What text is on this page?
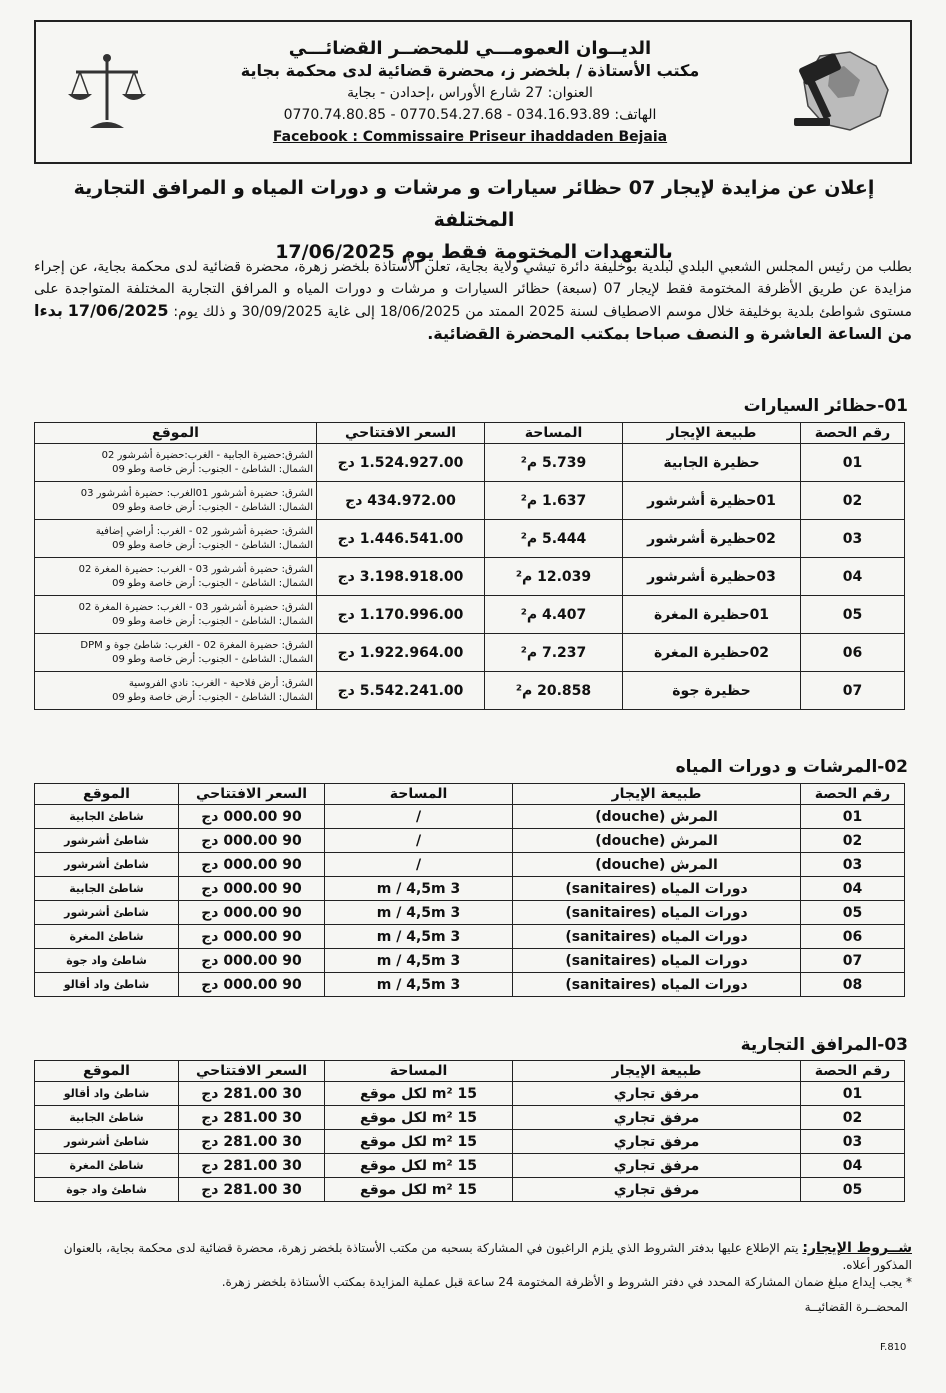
الديــوان العمومـــي للمحضــر القضائـــي
مكتب الأستاذة / بلخضر ز، محضرة قضائية لدى محكمة بجاية
العنوان: 27 شارع الأوراس ،إحدادن - بجاية
الهاتف: 034.16.93.89 - 0770.54.27.68 - 0770.74.80.85
Facebook : Commissaire Priseur ihaddaden Bejaia
إعلان عن مزايدة لإيجار 07 حظائر سيارات و مرشات و دورات المياه و المرافق التجارية المختلفة
بالتعهدات المختومة فقط يوم 17/06/2025
بطلب من رئيس المجلس الشعبي البلدي لبلدية بوخليفة دائرة تيشي ولاية بجاية، تعلن الأستاذة بلخضر زهرة، محضرة قضائية لدى محكمة بجاية، عن إجراء مزايدة عن طريق الأظرفة المختومة فقط لإيجار 07 (سبعة) حظائر السيارات و مرشات و دورات المياه و المرافق التجارية المختلفة المتواجدة على مستوى شواطئ بلدية بوخليفة خلال موسم الاصطياف لسنة 2025 الممتد من 18/06/2025 إلى غاية 30/09/2025 و ذلك يوم: 17/06/2025 بدءا من الساعة العاشرة و النصف صباحا بمكتب المحضرة القضائية.
01-حظائر السيارات
رقم الحصة	طبيعة الإيجار	المساحة	السعر الافتتاحي	الموقع
01	حظيرة الجابية	5.739 م²	1.524.927.00 دج	الشرق:حضيرة الجابية - الغرب:حضيرة أشرشور 02
الشمال: الشاطئ - الجنوب: أرض خاصة وطو 09

02	01حظيرة أشرشور	1.637 م²	434.972.00 دج	الشرق: حضيرة أشرشور 01الغرب: حضيرة أشرشور 03
الشمال: الشاطئ - الجنوب: أرض خاصة وطو 09

03	02حظيرة أشرشور	5.444 م²	1.446.541.00 دج	الشرق: حضيرة أشرشور 02 - الغرب: أراضي إضافية
الشمال: الشاطئ - الجنوب: أرض خاصة وطو 09

04	03حظيرة أشرشور	12.039 م²	3.198.918.00 دج	الشرق: حضيرة أشرشور 03 - الغرب: حضيرة المغرة 02
الشمال: الشاطئ - الجنوب: أرض خاصة وطو 09

05	01حظيرة المغرة	4.407 م²	1.170.996.00 دج	الشرق: حضيرة أشرشور 03 - الغرب: حضيرة المغرة 02
الشمال: الشاطئ - الجنوب: أرض خاصة وطو 09

06	02حظيرة المغرة	7.237 م²	1.922.964.00 دج	الشرق: حضيرة المغرة 02 - الغرب: شاطئ جوة و DPM
الشمال: الشاطئ - الجنوب: أرض خاصة وطو 09

07	حظيرة جوة	20.858 م²	5.542.241.00 دج	الشرق: أرض فلاحية - الغرب: نادي الفروسية
الشمال: الشاطئ - الجنوب: أرض خاصة وطو 09
02-المرشات و دورات المياه
رقم الحصة	طبيعة الإيجار	المساحة	السعر الافتتاحي	الموقع
01	المرش (douche)	/	90 000.00 دج	شاطئ الجابية
02	المرش (douche)	/	90 000.00 دج	شاطئ أشرشور
03	المرش (douche)	/	90 000.00 دج	شاطئ أشرشور
04	دورات المياه (sanitaires)	3 m / 4,5m	90 000.00 دج	شاطئ الجابية
05	دورات المياه (sanitaires)	3 m / 4,5m	90 000.00 دج	شاطئ أشرشور
06	دورات المياه (sanitaires)	3 m / 4,5m	90 000.00 دج	شاطئ المغرة
07	دورات المياه (sanitaires)	3 m / 4,5m	90 000.00 دج	شاطئ واد جوة
08	دورات المياه (sanitaires)	3 m / 4,5m	90 000.00 دج	شاطئ واد أقالو
03-المرافق التجارية
رقم الحصة	طبيعة الإيجار	المساحة	السعر الافتتاحي	الموقع
01	مرفق تجاري	15 m² لكل موقع	30 281.00 دج	شاطئ واد أقالو
02	مرفق تجاري	15 m² لكل موقع	30 281.00 دج	شاطئ الجابية
03	مرفق تجاري	15 m² لكل موقع	30 281.00 دج	شاطئ أشرشور
04	مرفق تجاري	15 m² لكل موقع	30 281.00 دج	شاطئ المغرة
05	مرفق تجاري	15 m² لكل موقع	30 281.00 دج	شاطئ واد جوة
شــروط الإيجار: يتم الإطلاع عليها بدفتر الشروط الذي يلزم الراغبون في المشاركة بسحبه من مكتب الأستاذة بلخضر زهرة، محضرة قضائية لدى محكمة بجاية، بالعنوان المذكور أعلاه.
* يجب إيداع مبلغ ضمان المشاركة المحدد في دفتر الشروط و الأظرفة المختومة 24 ساعة قبل عملية المزايدة بمكتب الأستاذة بلخضر زهرة.
المحضــرة القضائيــة
F.810
